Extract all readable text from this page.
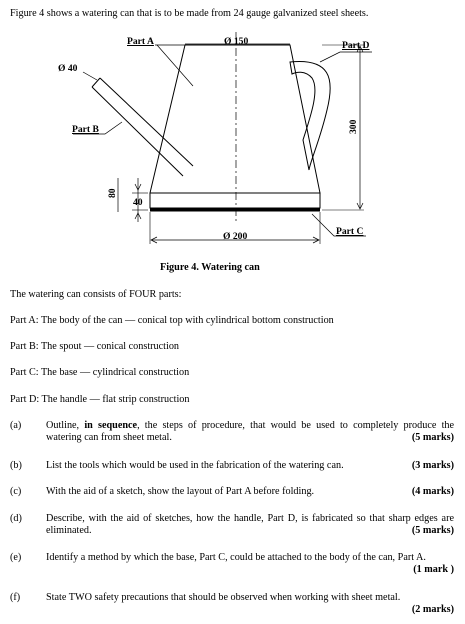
Figure 4 shows a watering can that is to be made from 24 gauge galvanized steel sheets.
Part A	Ø 150
Ø 40
Part D
Part B	300
80
40
Ø 200	Part C
Figure 4. Watering can
The watering can consists of FOUR parts:
Part A: The body of the can — conical top with cylindrical bottom construction
Part B: The spout — conical construction
Part C: The base — cylindrical construction
Part D: The handle — flat strip construction
(a) Outline, in sequence, the steps of procedure, that would be used to completely produce the watering can from sheet metal.	(5 marks)
(b) List the tools which would be used in the fabrication of the watering can.	(3 marks)
(c) With the aid of a sketch, show the layout of Part A before folding.	(4 marks)
(d) Describe, with the aid of sketches, how the handle, Part D, is fabricated so that sharp edges are eliminated.	(5 marks)
(e) Identify a method by which the base, Part C, could be attached to the body of the can, Part A.
(1 mark )
(f)	State TWO safety precautions that should be observed when working with sheet metal.
(2 marks)
